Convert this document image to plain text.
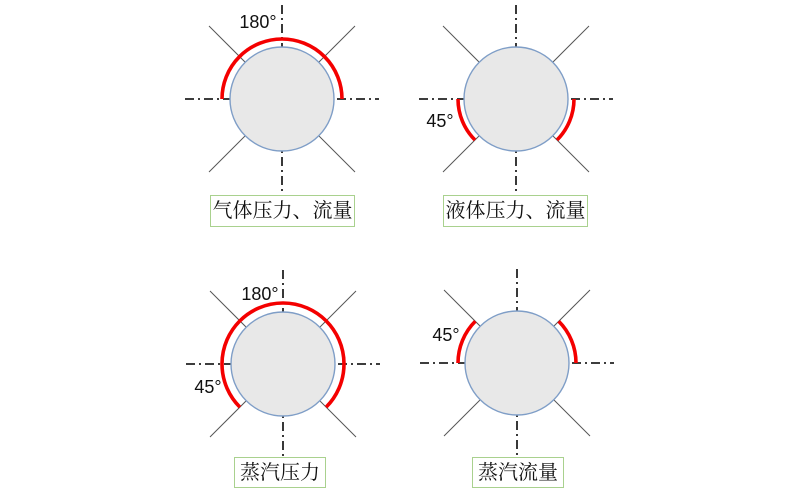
180°
45°
180°
45°
45°
气体压力、流量	液体压力、流量
蒸汽压力	蒸汽流量
